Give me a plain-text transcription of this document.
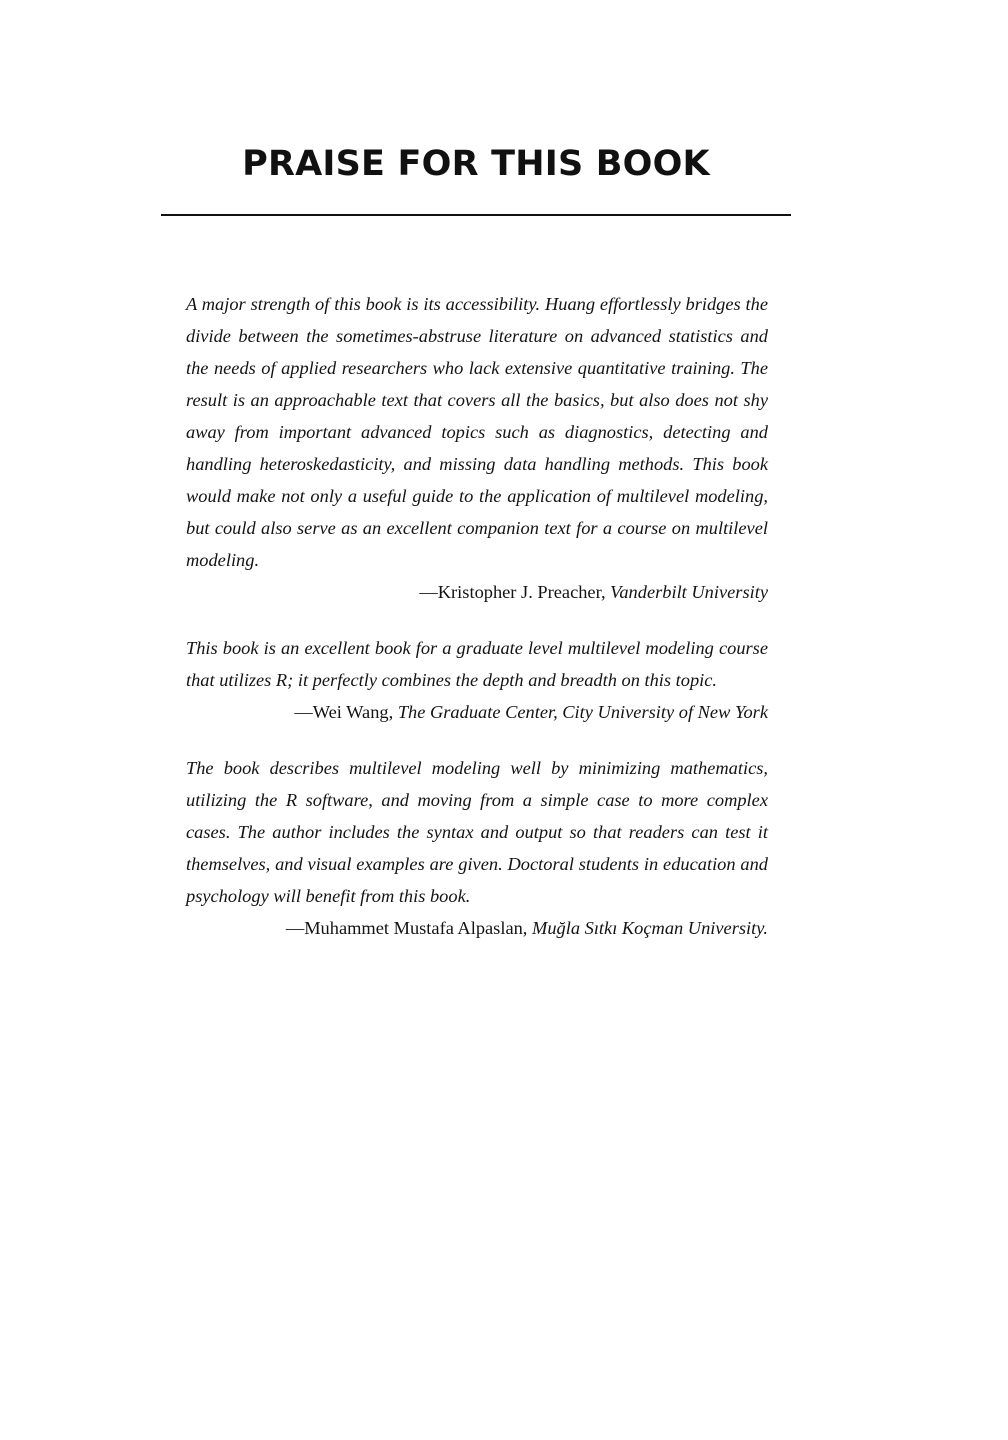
PRAISE FOR THIS BOOK

A major strength of this book is its accessibility. Huang effortlessly bridges the divide between the sometimes-abstruse literature on advanced statistics and the needs of applied researchers who lack extensive quantitative training. The result is an approachable text that covers all the basics, but also does not shy away from important advanced topics such as diagnostics, detecting and handling heteroskedasticity, and missing data handling methods. This book would make not only a useful guide to the application of multilevel modeling, but could also serve as an excellent companion text for a course on multilevel modeling.

—Kristopher J. Preacher, Vanderbilt University

This book is an excellent book for a graduate level multilevel modeling course that utilizes R; it perfectly combines the depth and breadth on this topic.

—Wei Wang, The Graduate Center, City University of New York

The book describes multilevel modeling well by minimizing mathematics, utilizing the R software, and moving from a simple case to more complex cases. The author includes the syntax and output so that readers can test it themselves, and visual examples are given. Doctoral students in education and psychology will benefit from this book.

—Muhammet Mustafa Alpaslan, Muğla Sıtkı Koçman University.
